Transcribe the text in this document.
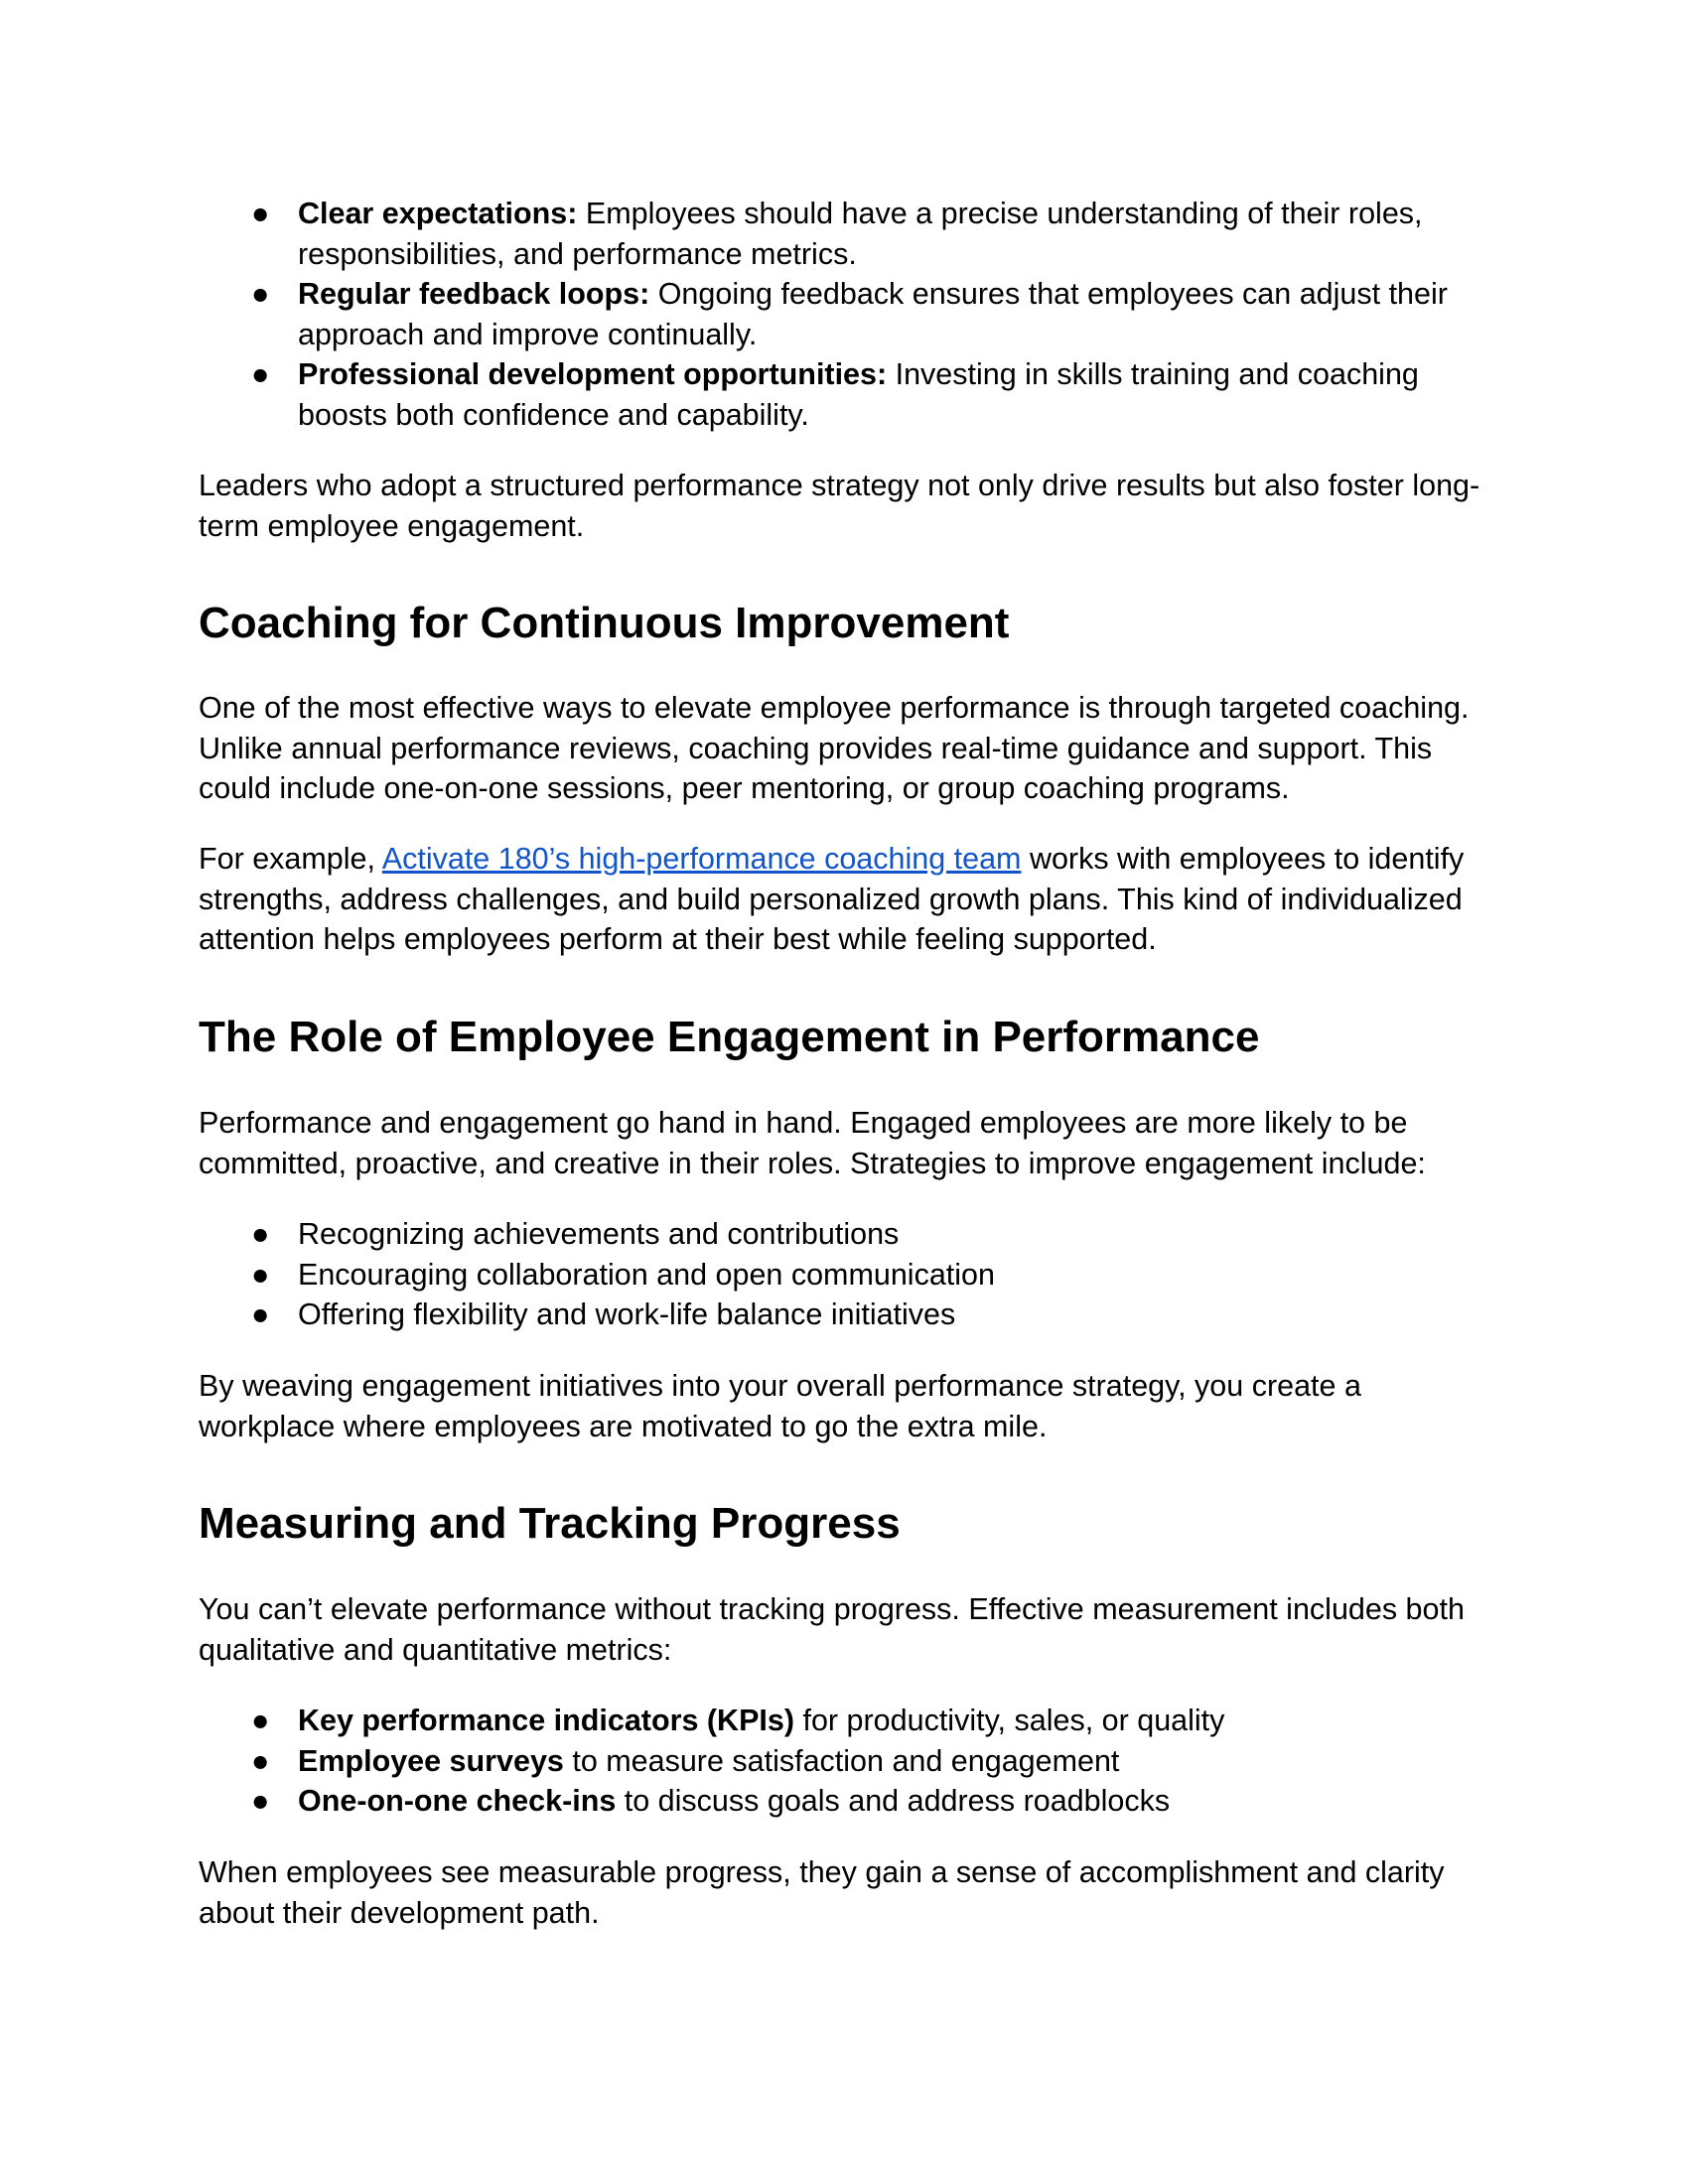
● Clear expectations: Employees should have a precise understanding of their roles, responsibilities, and performance metrics.
● Regular feedback loops: Ongoing feedback ensures that employees can adjust their approach and improve continually.
● Professional development opportunities: Investing in skills training and coaching boosts both confidence and capability.

Leaders who adopt a structured performance strategy not only drive results but also foster long-term employee engagement.

Coaching for Continuous Improvement

One of the most effective ways to elevate employee performance is through targeted coaching. Unlike annual performance reviews, coaching provides real-time guidance and support. This could include one-on-one sessions, peer mentoring, or group coaching programs.

For example, Activate 180’s high-performance coaching team works with employees to identify strengths, address challenges, and build personalized growth plans. This kind of individualized attention helps employees perform at their best while feeling supported.

The Role of Employee Engagement in Performance

Performance and engagement go hand in hand. Engaged employees are more likely to be committed, proactive, and creative in their roles. Strategies to improve engagement include:

● Recognizing achievements and contributions
● Encouraging collaboration and open communication
● Offering flexibility and work-life balance initiatives

By weaving engagement initiatives into your overall performance strategy, you create a workplace where employees are motivated to go the extra mile.

Measuring and Tracking Progress

You can’t elevate performance without tracking progress. Effective measurement includes both qualitative and quantitative metrics:

● Key performance indicators (KPIs) for productivity, sales, or quality
● Employee surveys to measure satisfaction and engagement
● One-on-one check-ins to discuss goals and address roadblocks

When employees see measurable progress, they gain a sense of accomplishment and clarity about their development path.
